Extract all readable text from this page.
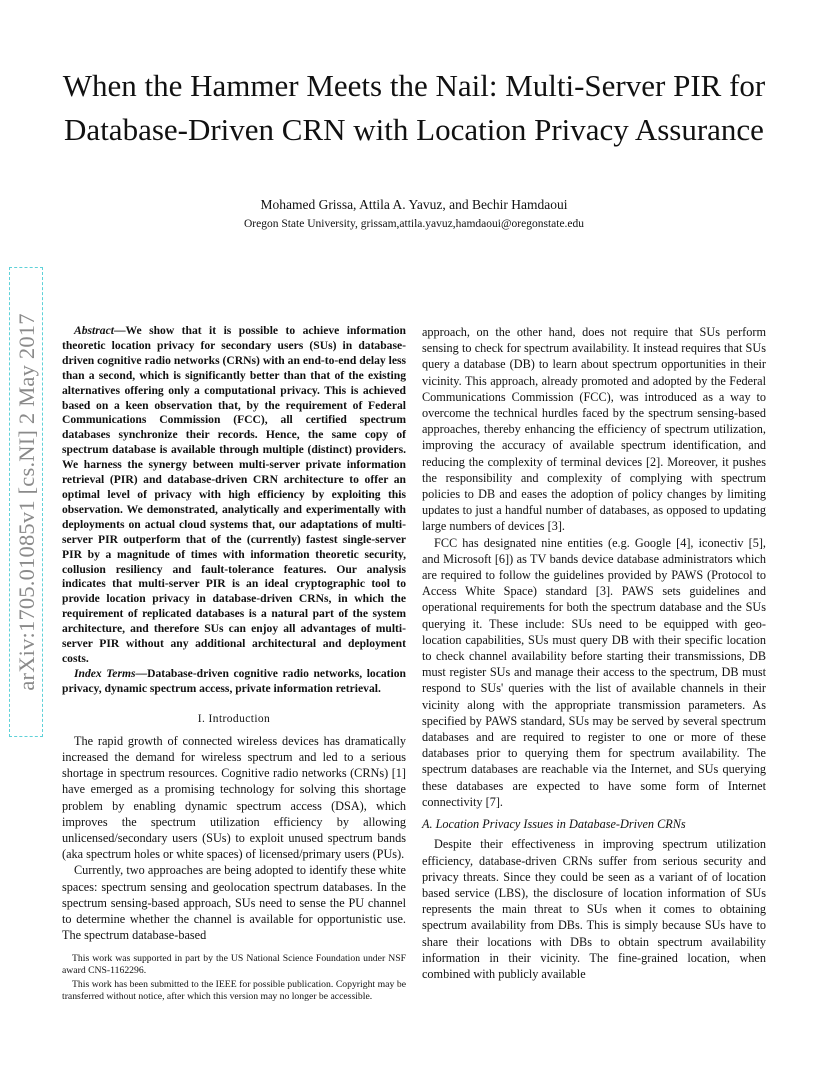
When the Hammer Meets the Nail: Multi-Server PIR for Database-Driven CRN with Location Privacy Assurance
Mohamed Grissa, Attila A. Yavuz, and Bechir Hamdaoui
Oregon State University, grissam,attila.yavuz,hamdaoui@oregonstate.edu
arXiv:1705.01085v1 [cs.NI] 2 May 2017	Abstract—We show that it is possible to achieve information theoretic location privacy for secondary users (SUs) in database-driven cognitive radio networks (CRNs) with an end-to-end delay less than a second, which is significantly better than that of the existing alternatives offering only a computational privacy. This is achieved based on a keen observation that, by the requirement of Federal Communications Commission (FCC), all certified spectrum databases synchronize their records. Hence, the same copy of spectrum database is available through multiple (distinct) providers. We harness the synergy between multi-server private information retrieval (PIR) and database-driven CRN architecture to offer an optimal level of privacy with high efficiency by exploiting this observation. We demonstrated, analytically and experimentally with deployments on actual cloud systems that, our adaptations of multi-server PIR outperform that of the (currently) fastest single-server PIR by a magnitude of times with information theoretic security, collusion resiliency and fault-tolerance features. Our analysis indicates that multi-server PIR is an ideal cryptographic tool to provide location privacy in database-driven CRNs, in which the requirement of replicated databases is a natural part of the system architecture, and therefore SUs can enjoy all advantages of multi-server PIR without any additional architectural and deployment costs.

Index Terms—Database-driven cognitive radio networks, location privacy, dynamic spectrum access, private information retrieval.

I. Introduction

The rapid growth of connected wireless devices has dramatically increased the demand for wireless spectrum and led to a serious shortage in spectrum resources. Cognitive radio networks (CRNs) [1] have emerged as a promising technology for solving this shortage problem by enabling dynamic spectrum access (DSA), which improves the spectrum utilization efficiency by allowing unlicensed/secondary users (SUs) to exploit unused spectrum bands (aka spectrum holes or white spaces) of licensed/primary users (PUs).

Currently, two approaches are being adopted to identify these white spaces: spectrum sensing and geolocation spectrum databases. In the spectrum sensing-based approach, SUs need to sense the PU channel to determine whether the channel is available for opportunistic use. The spectrum database-based

This work was supported in part by the US National Science Foundation under NSF award CNS-1162296.

This work has been submitted to the IEEE for possible publication. Copyright may be transferred without notice, after which this version may no longer be accessible.

approach, on the other hand, does not require that SUs perform sensing to check for spectrum availability. It instead requires that SUs query a database (DB) to learn about spectrum opportunities in their vicinity. This approach, already promoted and adopted by the Federal Communications Commission (FCC), was introduced as a way to overcome the technical hurdles faced by the spectrum sensing-based approaches, thereby enhancing the efficiency of spectrum utilization, improving the accuracy of available spectrum identification, and reducing the complexity of terminal devices [2]. Moreover, it pushes the responsibility and complexity of complying with spectrum policies to DB and eases the adoption of policy changes by limiting updates to just a handful number of databases, as opposed to updating large numbers of devices [3].

FCC has designated nine entities (e.g. Google [4], iconectiv [5], and Microsoft [6]) as TV bands device database administrators which are required to follow the guidelines provided by PAWS (Protocol to Access White Space) standard [3]. PAWS sets guidelines and operational requirements for both the spectrum database and the SUs querying it. These include: SUs need to be equipped with geo-location capabilities, SUs must query DB with their specific location to check channel availability before starting their transmissions, DB must register SUs and manage their access to the spectrum, DB must respond to SUs' queries with the list of available channels in their vicinity along with the appropriate transmission parameters. As specified by PAWS standard, SUs may be served by several spectrum databases and are required to register to one or more of these databases prior to querying them for spectrum availability. The spectrum databases are reachable via the Internet, and SUs querying these databases are expected to have some form of Internet connectivity [7].

A. Location Privacy Issues in Database-Driven CRNs

Despite their effectiveness in improving spectrum utilization efficiency, database-driven CRNs suffer from serious security and privacy threats. Since they could be seen as a variant of of location based service (LBS), the disclosure of location information of SUs represents the main threat to SUs when it comes to obtaining spectrum availability from DBs. This is simply because SUs have to share their locations with DBs to obtain spectrum availability information in their vicinity. The fine-grained location, when combined with publicly available
